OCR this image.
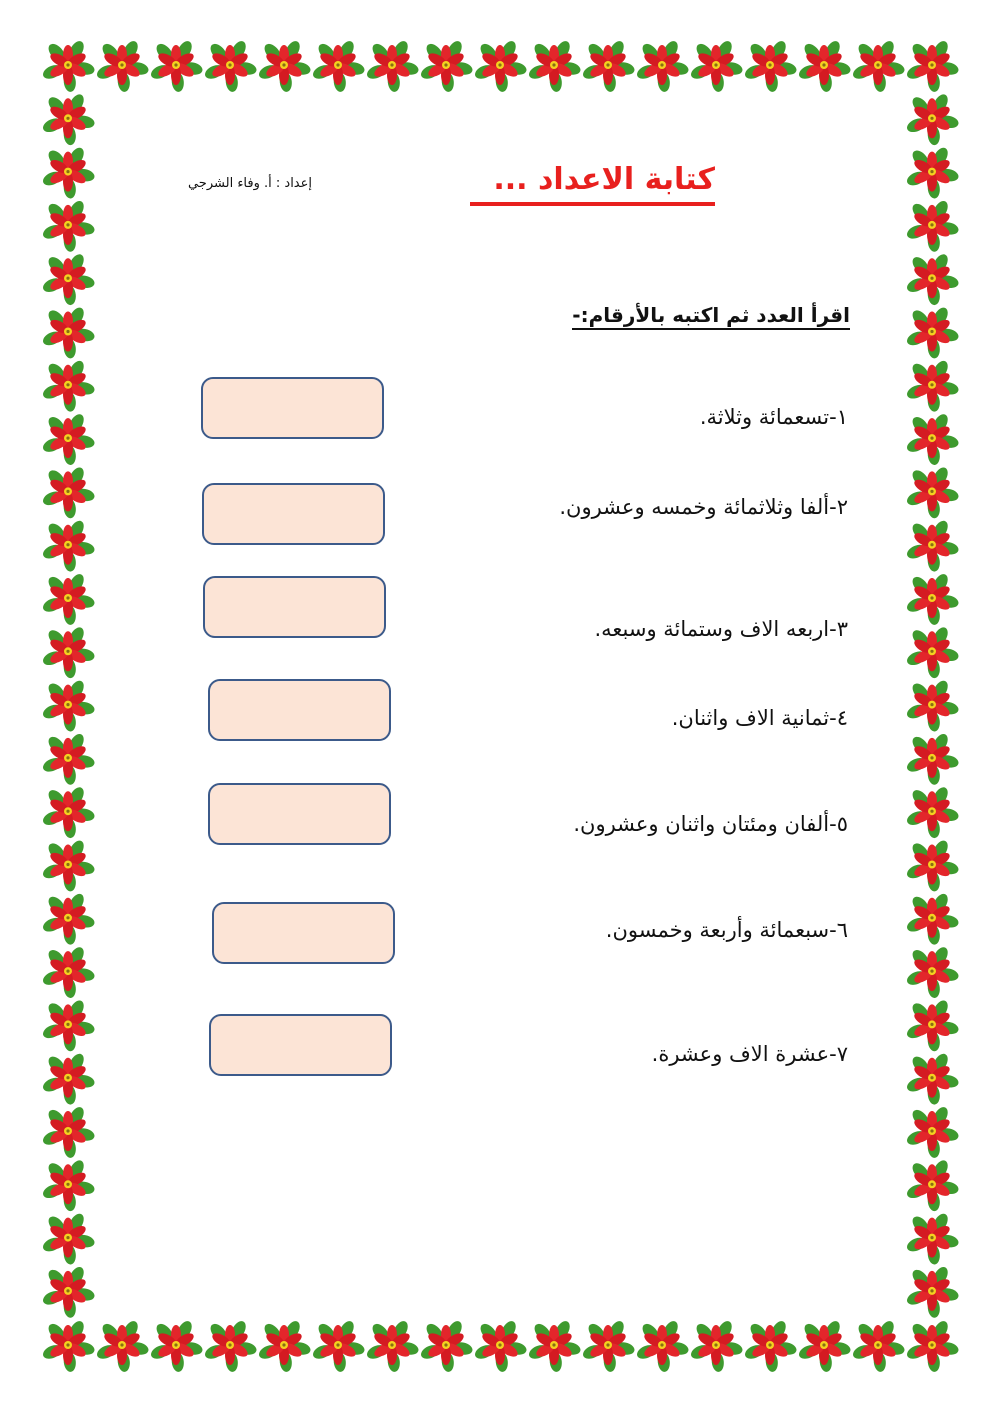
كتابة الاعداد ...
إعداد : أ. وفاء الشرجي
اقرأ العدد ثم اكتبه بالأرقام:-
١-تسعمائة وثلاثة.
٢-ألفا وثلاثمائة وخمسه وعشرون.
٣-اربعه الاف وستمائة وسبعه.
٤-ثمانية الاف واثنان.
٥-ألفان ومئتان واثنان وعشرون.
٦-سبعمائة وأربعة وخمسون.
٧-عشرة الاف وعشرة.
